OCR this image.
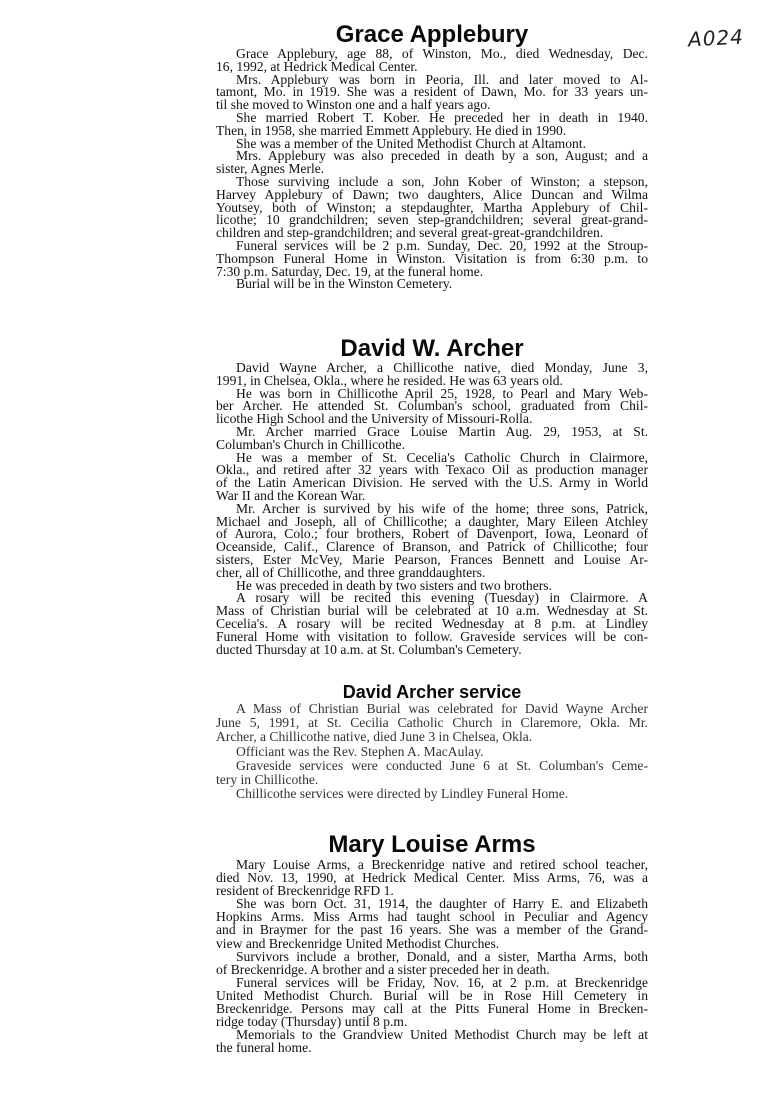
A024
Grace Applebury
Grace Applebury, age 88, of Winston, Mo., died Wednesday, Dec.
16, 1992, at Hedrick Medical Center.
Mrs. Applebury was born in Peoria, Ill. and later moved to Al-
tamont, Mo. in 1919. She was a resident of Dawn, Mo. for 33 years un-
til she moved to Winston one and a half years ago.
She married Robert T. Kober. He preceded her in death in 1940.
Then, in 1958, she married Emmett Applebury. He died in 1990.
She was a member of the United Methodist Church at Altamont.
Mrs. Applebury was also preceded in death by a son, August; and a
sister, Agnes Merle.
Those surviving include a son, John Kober of Winston; a stepson,
Harvey Applebury of Dawn; two daughters, Alice Duncan and Wilma
Youtsey, both of Winston; a stepdaughter, Martha Applebury of Chil-
licothe; 10 grandchildren; seven step-grandchildren; several great-grand-
children and step-grandchildren; and several great-great-grandchildren.
Funeral services will be 2 p.m. Sunday, Dec. 20, 1992 at the Stroup-
Thompson Funeral Home in Winston. Visitation is from 6:30 p.m. to
7:30 p.m. Saturday, Dec. 19, at the funeral home.
Burial will be in the Winston Cemetery.
David W. Archer
David Wayne Archer, a Chillicothe native, died Monday, June 3,
1991, in Chelsea, Okla., where he resided. He was 63 years old.
He was born in Chillicothe April 25, 1928, to Pearl and Mary Web-
ber Archer. He attended St. Columban's school, graduated from Chil-
licothe High School and the University of Missouri-Rolla.
Mr. Archer married Grace Louise Martin Aug. 29, 1953, at St.
Columban's Church in Chillicothe.
He was a member of St. Cecelia's Catholic Church in Clairmore,
Okla., and retired after 32 years with Texaco Oil as production manager
of the Latin American Division. He served with the U.S. Army in World
War II and the Korean War.
Mr. Archer is survived by his wife of the home; three sons, Patrick,
Michael and Joseph, all of Chillicothe; a daughter, Mary Eileen Atchley
of Aurora, Colo.; four brothers, Robert of Davenport, Iowa, Leonard of
Oceanside, Calif., Clarence of Branson, and Patrick of Chillicothe; four
sisters, Ester McVey, Marie Pearson, Frances Bennett and Louise Ar-
cher, all of Chillicothe, and three granddaughters.
He was preceded in death by two sisters and two brothers.
A rosary will be recited this evening (Tuesday) in Clairmore. A
Mass of Christian burial will be celebrated at 10 a.m. Wednesday at St.
Cecelia's. A rosary will be recited Wednesday at 8 p.m. at Lindley
Funeral Home with visitation to follow. Graveside services will be con-
ducted Thursday at 10 a.m. at St. Columban's Cemetery.
David Archer service
A Mass of Christian Burial was celebrated for David Wayne Archer
June 5, 1991, at St. Cecilia Catholic Church in Claremore, Okla. Mr.
Archer, a Chillicothe native, died June 3 in Chelsea, Okla.
Officiant was the Rev. Stephen A. MacAulay.
Graveside services were conducted June 6 at St. Columban's Ceme-
tery in Chillicothe.
Chillicothe services were directed by Lindley Funeral Home.
Mary Louise Arms
Mary Louise Arms, a Breckenridge native and retired school teacher,
died Nov. 13, 1990, at Hedrick Medical Center. Miss Arms, 76, was a
resident of Breckenridge RFD 1.
She was born Oct. 31, 1914, the daughter of Harry E. and Elizabeth
Hopkins Arms. Miss Arms had taught school in Peculiar and Agency
and in Braymer for the past 16 years. She was a member of the Grand-
view and Breckenridge United Methodist Churches.
Survivors include a brother, Donald, and a sister, Martha Arms, both
of Breckenridge. A brother and a sister preceded her in death.
Funeral services will be Friday, Nov. 16, at 2 p.m. at Breckenridge
United Methodist Church. Burial will be in Rose Hill Cemetery in
Breckenridge. Persons may call at the Pitts Funeral Home in Brecken-
ridge today (Thursday) until 8 p.m.
Memorials to the Grandview United Methodist Church may be left at
the funeral home.
